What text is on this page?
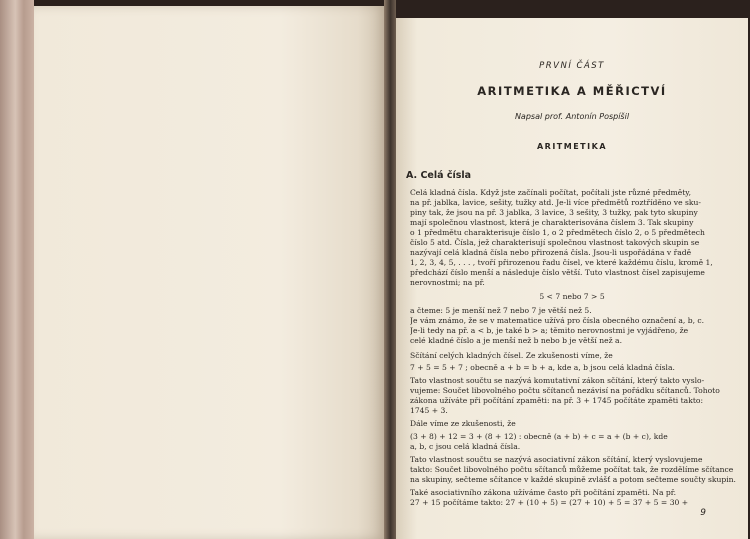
PRVNÍ ČÁST
ARITMETIKA A MĚŘICTVÍ
Napsal prof. Antonín Pospíšil
ARITMETIKA
A. Celá čísla
Celá kladná čísla. Když jste začínali počítat, počítali jste různé předměty,
na př. jablka, lavice, sešity, tužky atd. Je-li více předmětů roztříděno ve sku-
piny tak, že jsou na př. 3 jablka, 3 lavice, 3 sešity, 3 tužky, pak tyto skupiny
mají společnou vlastnost, která je charakterisována číslem 3. Tak skupiny
o 1 předmětu charakterisuje číslo 1, o 2 předmětech číslo 2, o 5 předmětech
číslo 5 atd. Čísla, jež charakterisují společnou vlastnost takových skupin se
nazývají celá kladná čísla nebo přirozená čísla. Jsou-li uspořádána v řadě
1, 2, 3, 4, 5, . . . , tvoří přirozenou řadu čísel, ve které každému číslu, kromě 1,
předchází číslo menší a následuje číslo větší. Tuto vlastnost čísel zapisujeme
nerovnostmi; na př.
5 < 7 nebo 7 > 5
a čteme: 5 je menší než 7 nebo 7 je větší než 5.
Je vám známo, že se v matematice užívá pro čísla obecného označení a, b, c.
Je-li tedy na př. a < b, je také b > a; těmito nerovnostmi je vyjádřeno, že
celé kladné číslo a je menší než b nebo b je větší než a.
Sčítání celých kladných čísel. Ze zkušenosti víme, že
7 + 5 = 5 + 7 ; obecně a + b = b + a, kde a, b jsou celá kladná čísla.
Tato vlastnost součtu se nazývá komutativní zákon sčítání, který takto vyslo-
vujeme: Součet libovolného počtu sčítanců nezávisí na pořádku sčítanců. Tohoto
zákona užíváte při počítání zpaměti: na př. 3 + 1745 počítáte zpaměti takto:
1745 + 3.
Dále víme ze zkušenosti, že
(3 + 8) + 12 = 3 + (8 + 12) : obecně (a + b) + c = a + (b + c), kde
a, b, c jsou celá kladná čísla.
Tato vlastnost součtu se nazývá asociativní zákon sčítání, který vyslovujeme
takto: Součet libovolného počtu sčítanců můžeme počítat tak, že rozdělíme sčítance
na skupiny, sečteme sčítance v každé skupině zvlášť a potom sečteme součty skupin.
Také asociativního zákona užíváme často při počítání zpaměti. Na př.
27 + 15 počítáme takto: 27 + (10 + 5) = (27 + 10) + 5 = 37 + 5 = 30 +
9
